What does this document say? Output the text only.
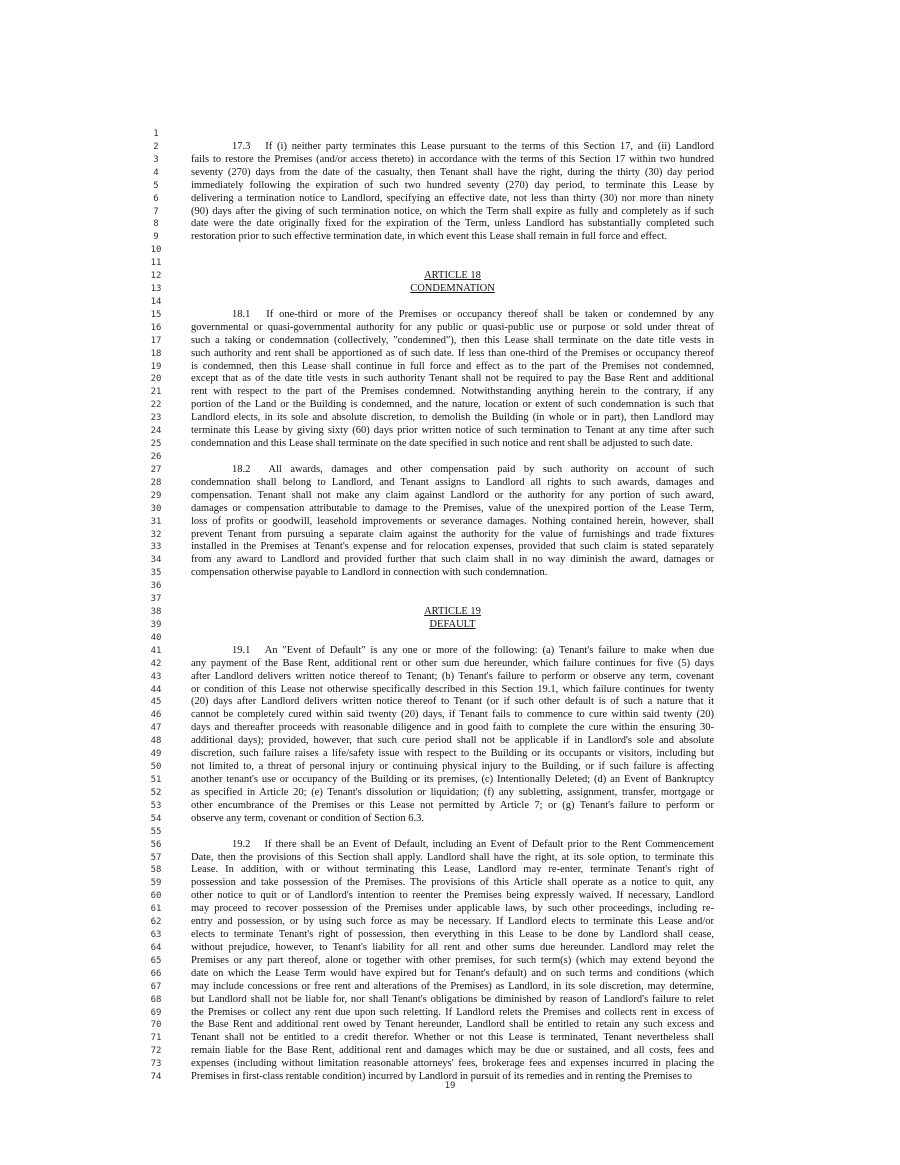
1
2
3
4
5
6
7
8
9
10
11
12
13
14
15
16
17
18
19
20
21
22
23
24
25
26
27
28
29
30
31
32
33
34
35
36
37
38
39
40
41
42
43
44
45
46
47
48
49
50
51
52
53
54
55
56
57
58
59
60
61
62
63
64
65
66
67
68
69
70
71
72
73
74
17.3 If (i) neither party terminates this Lease pursuant to the terms of this Section 17, and (ii) Landlord
fails to restore the Premises (and/or access thereto) in accordance with the terms of this Section 17 within two hundred
seventy (270) days from the date of the casualty, then Tenant shall have the right, during the thirty (30) day period
immediately following the expiration of such two hundred seventy (270) day period, to terminate this Lease by
delivering a termination notice to Landlord, specifying an effective date, not less than thirty (30) nor more than ninety
(90) days after the giving of such termination notice, on which the Term shall expire as fully and completely as if such
date were the date originally fixed for the expiration of the Term, unless Landlord has substantially completed such
restoration prior to such effective termination date, in which event this Lease shall remain in full force and effect.
ARTICLE 18
CONDEMNATION
18.1 If one-third or more of the Premises or occupancy thereof shall be taken or condemned by any
governmental or quasi-governmental authority for any public or quasi-public use or purpose or sold under threat of
such a taking or condemnation (collectively, "condemned"), then this Lease shall terminate on the date title vests in
such authority and rent shall be apportioned as of such date. If less than one-third of the Premises or occupancy thereof
is condemned, then this Lease shall continue in full force and effect as to the part of the Premises not condemned,
except that as of the date title vests in such authority Tenant shall not be required to pay the Base Rent and additional
rent with respect to the part of the Premises condemned. Notwithstanding anything herein to the contrary, if any
portion of the Land or the Building is condemned, and the nature, location or extent of such condemnation is such that
Landlord elects, in its sole and absolute discretion, to demolish the Building (in whole or in part), then Landlord may
terminate this Lease by giving sixty (60) days prior written notice of such termination to Tenant at any time after such
condemnation and this Lease shall terminate on the date specified in such notice and rent shall be adjusted to such date.
18.2 All awards, damages and other compensation paid by such authority on account of such
condemnation shall belong to Landlord, and Tenant assigns to Landlord all rights to such awards, damages and
compensation. Tenant shall not make any claim against Landlord or the authority for any portion of such award,
damages or compensation attributable to damage to the Premises, value of the unexpired portion of the Lease Term,
loss of profits or goodwill, leasehold improvements or severance damages. Nothing contained herein, however, shall
prevent Tenant from pursuing a separate claim against the authority for the value of furnishings and trade fixtures
installed in the Premises at Tenant's expense and for relocation expenses, provided that such claim is stated separately
from any award to Landlord and provided further that such claim shall in no way diminish the award, damages or
compensation otherwise payable to Landlord in connection with such condemnation.
ARTICLE 19
DEFAULT
19.1 An "Event of Default" is any one or more of the following: (a) Tenant's failure to make when due
any payment of the Base Rent, additional rent or other sum due hereunder, which failure continues for five (5) days
after Landlord delivers written notice thereof to Tenant; (b) Tenant's failure to perform or observe any term, covenant
or condition of this Lease not otherwise specifically described in this Section 19.1, which failure continues for twenty
(20) days after Landlord delivers written notice thereof to Tenant (or if such other default is of such a nature that it
cannot be completely cured within said twenty (20) days, if Tenant fails to commence to cure within said twenty (20)
days and thereafter proceeds with reasonable diligence and in good faith to complete the cure within the ensuring 30-
additional days); provided, however, that such cure period shall not be applicable if in Landlord's sole and absolute
discretion, such failure raises a life/safety issue with respect to the Building or its occupants or visitors, including but
not limited to, a threat of personal injury or continuing physical injury to the Building, or if such failure is affecting
another tenant's use or occupancy of the Building or its premises, (c) Intentionally Deleted; (d) an Event of Bankruptcy
as specified in Article 20; (e) Tenant's dissolution or liquidation; (f) any subletting, assignment, transfer, mortgage or
other encumbrance of the Premises or this Lease not permitted by Article 7; or (g) Tenant's failure to perform or
observe any term, covenant or condition of Section 6.3.
19.2 If there shall be an Event of Default, including an Event of Default prior to the Rent Commencement
Date, then the provisions of this Section shall apply. Landlord shall have the right, at its sole option, to terminate this
Lease. In addition, with or without terminating this Lease, Landlord may re-enter, terminate Tenant's right of
possession and take possession of the Premises. The provisions of this Article shall operate as a notice to quit, any
other notice to quit or of Landlord's intention to reenter the Premises being expressly waived. If necessary, Landlord
may proceed to recover possession of the Premises under applicable laws, by such other proceedings, including re-
entry and possession, or by using such force as may be necessary. If Landlord elects to terminate this Lease and/or
elects to terminate Tenant's right of possession, then everything in this Lease to be done by Landlord shall cease,
without prejudice, however, to Tenant's liability for all rent and other sums due hereunder. Landlord may relet the
Premises or any part thereof, alone or together with other premises, for such term(s) (which may extend beyond the
date on which the Lease Term would have expired but for Tenant's default) and on such terms and conditions (which
may include concessions or free rent and alterations of the Premises) as Landlord, in its sole discretion, may determine,
but Landlord shall not be liable for, nor shall Tenant's obligations be diminished by reason of Landlord's failure to relet
the Premises or collect any rent due upon such reletting. If Landlord relets the Premises and collects rent in excess of
the Base Rent and additional rent owed by Tenant hereunder, Landlord shall be entitled to retain any such excess and
Tenant shall not be entitled to a credit therefor. Whether or not this Lease is terminated, Tenant nevertheless shall
remain liable for the Base Rent, additional rent and damages which may be due or sustained, and all costs, fees and
expenses (including without limitation reasonable attorneys' fees, brokerage fees and expenses incurred in placing the
Premises in first-class rentable condition) incurred by Landlord in pursuit of its remedies and in renting the Premises to
19
